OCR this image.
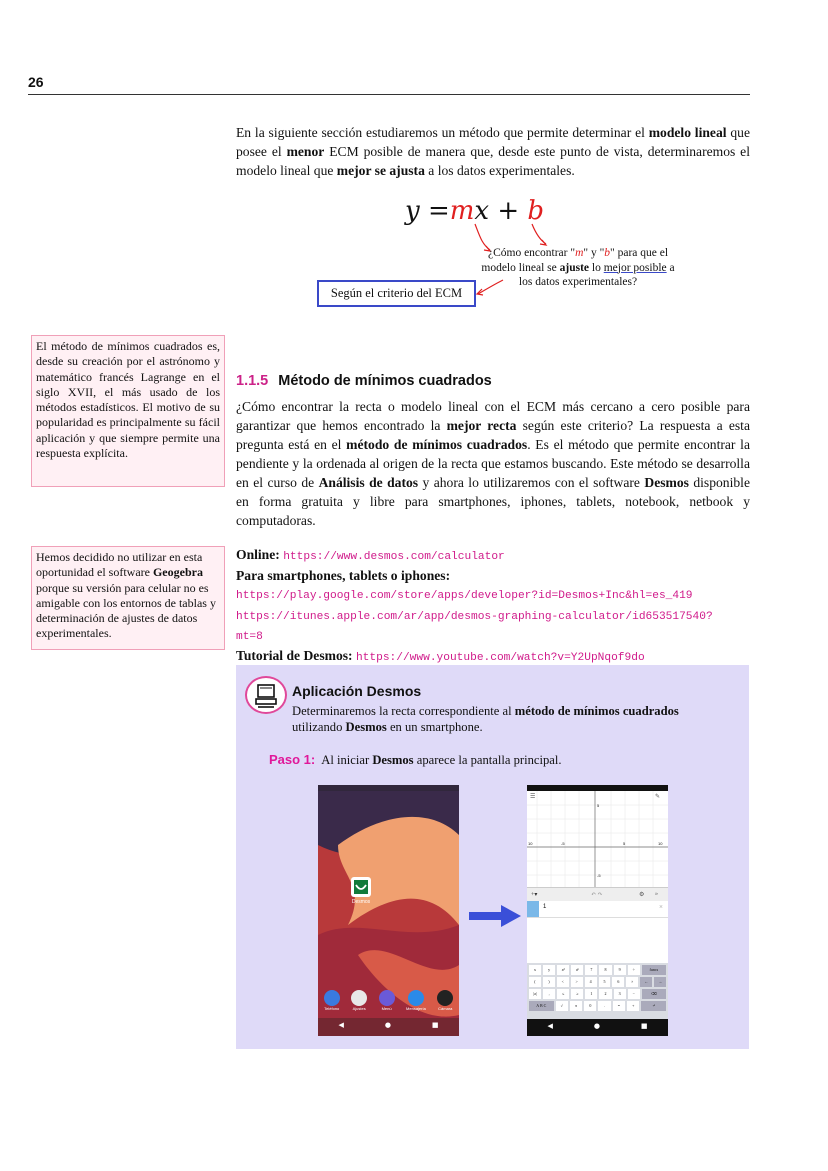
26
En la siguiente sección estudiaremos un método que permite determinar el modelo lineal que posee el menor ECM posible de manera que, desde este punto de vista, determinaremos el modelo lineal que mejor se ajusta a los datos experimentales.
y =mx + b
Según el criterio del ECM
¿Cómo encontrar "m" y "b" para que el modelo lineal se ajuste lo mejor posible a los datos experimentales?
El método de mínimos cuadrados es, desde su creación por el astrónomo y matemático francés Lagrange en el siglo XVII, el más usado de los métodos estadísticos. El motivo de su popularidad es principalmente su fácil aplicación y que siempre permite una respuesta explícita.
Hemos decidido no utilizar en esta oportunidad el software Geogebra porque su versión para celular no es amigable con los entornos de tablas y determinación de ajustes de datos experimentales.
1.1.5 Método de mínimos cuadrados
¿Cómo encontrar la recta o modelo lineal con el ECM más cercano a cero posible para garantizar que hemos encontrado la mejor recta según este criterio? La respuesta a esta pregunta está en el método de mínimos cuadrados. Es el método que permite encontrar la pendiente y la ordenada al origen de la recta que estamos buscando. Este método se desarrolla en el curso de Análisis de datos y ahora lo utilizaremos con el software Desmos disponible en forma gratuita y libre para smartphones, iphones, tablets, notebook, netbook y computadoras.
Online: https://www.desmos.com/calculator
Para smartphones, tablets o iphones:
https://play.google.com/store/apps/developer?id=Desmos+Inc&hl=es_419
https://itunes.apple.com/ar/app/desmos-graphing-calculator/id653517540?
mt=8
Tutorial de Desmos: https://www.youtube.com/watch?v=Y2UpNqof9do
Aplicación Desmos
Determinaremos la recta correspondiente al método de mínimos cuadrados utilizando Desmos en un smartphone.
Paso 1: Al iniciar Desmos aparece la pantalla principal.
Desmos
Teléfono	Ajustes	Menú	Mensajería	Cámara
◀	●	■
10	-5	5	10
5
-5
☰	✎
+▾	↶ ↷	⚙ »
1	×
x	y	a²	aᵇ	7	8	9	÷	funcs
(	)	<	>	4	5	6	×	←	→
|a|	,	≤	≥	1	2	3	−	⌫
A B C	√	π	0	.	=	+	↵
◀	●	■
